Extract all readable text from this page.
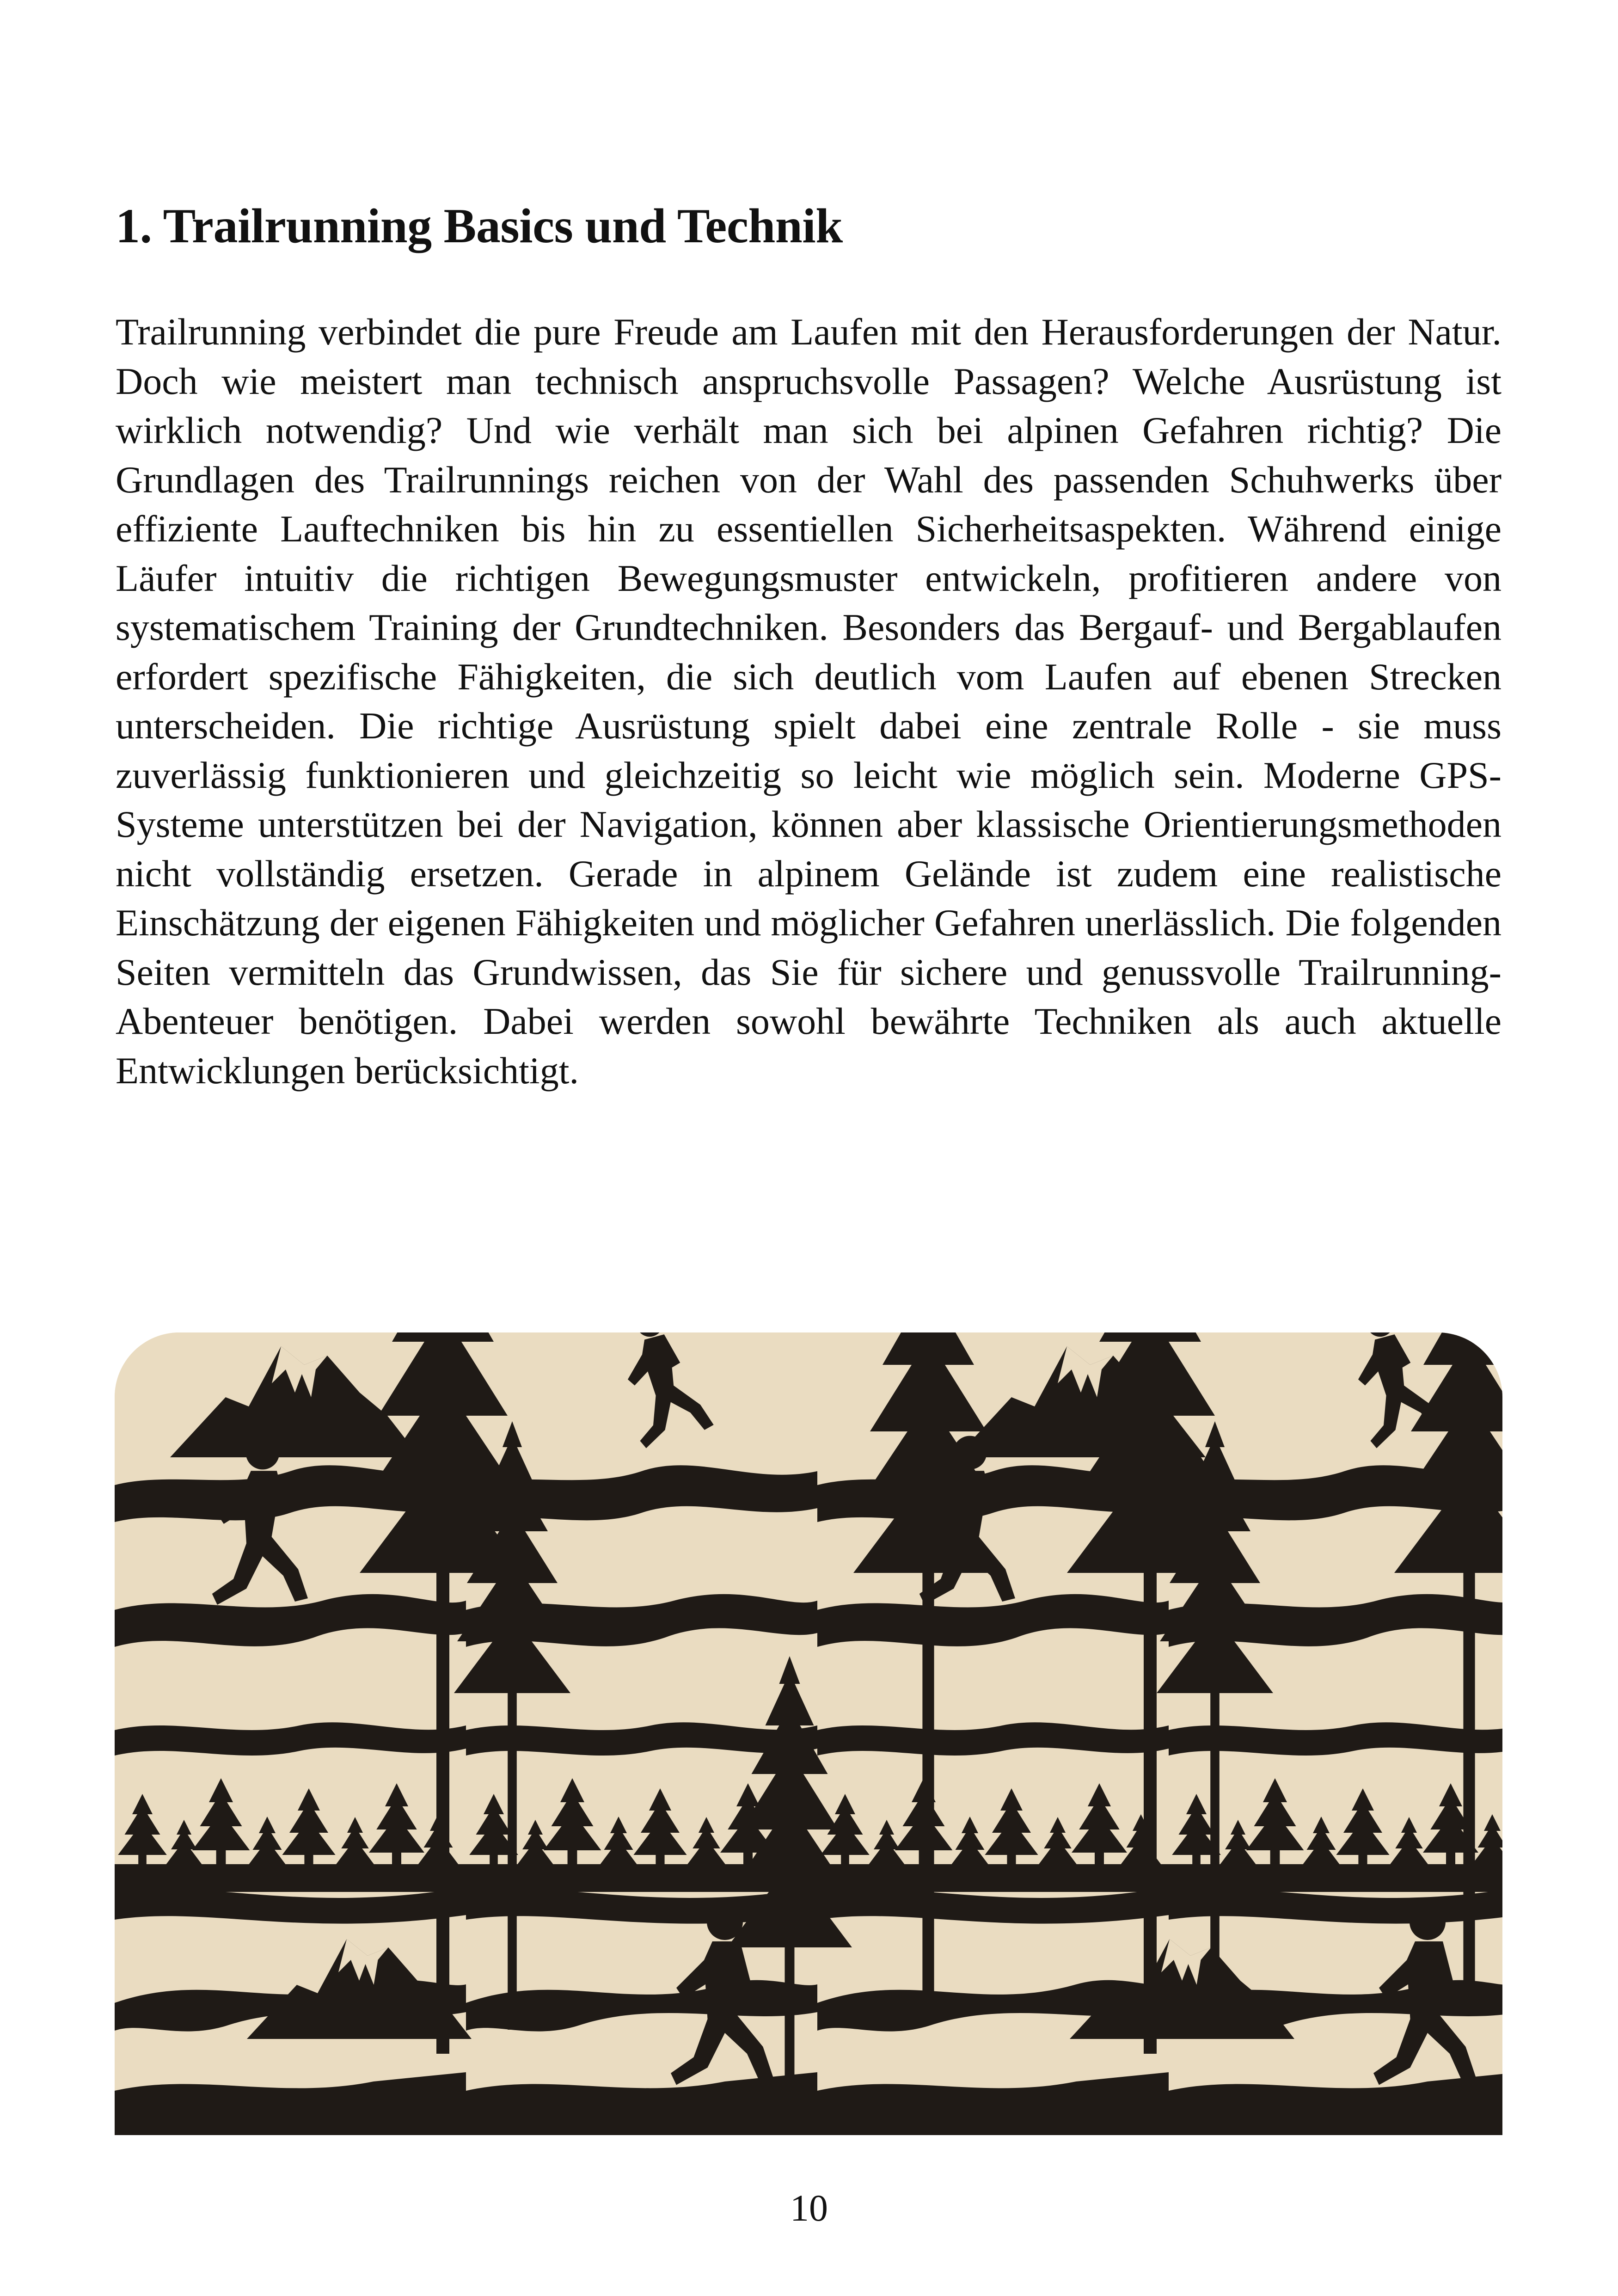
1. Trailrunning Basics und Technik

Trailrunning verbindet die pure Freude am Laufen mit den Herausforderungen der Natur. Doch wie meistert man technisch anspruchsvolle Passagen? Welche Ausrüstung ist wirklich notwendig? Und wie verhält man sich bei alpinen Gefahren richtig? Die Grundlagen des Trailrunnings reichen von der Wahl des passenden Schuhwerks über effiziente Lauftechniken bis hin zu essentiellen Sicherheitsaspekten. Während einige Läufer intuitiv die richtigen Bewegungsmuster entwickeln, profitieren andere von systematischem Training der Grundtechniken. Besonders das Bergauf- und Bergablaufen erfordert spezifische Fähigkeiten, die sich deutlich vom Laufen auf ebenen Strecken unterscheiden. Die richtige Ausrüstung spielt dabei eine zentrale Rolle - sie muss zuverlässig funktionieren und gleichzeitig so leicht wie möglich sein. Moderne GPS-Systeme unterstützen bei der Navigation, können aber klassische Orientierungsmethoden nicht vollständig ersetzen. Gerade in alpinem Gelände ist zudem eine realistische Einschätzung der eigenen Fähigkeiten und möglicher Gefahren unerlässlich. Die folgenden Seiten vermitteln das Grundwissen, das Sie für sichere und genussvolle Trailrunning-Abenteuer benötigen. Dabei werden sowohl bewährte Techniken als auch aktuelle Entwicklungen berücksichtigt.

10
